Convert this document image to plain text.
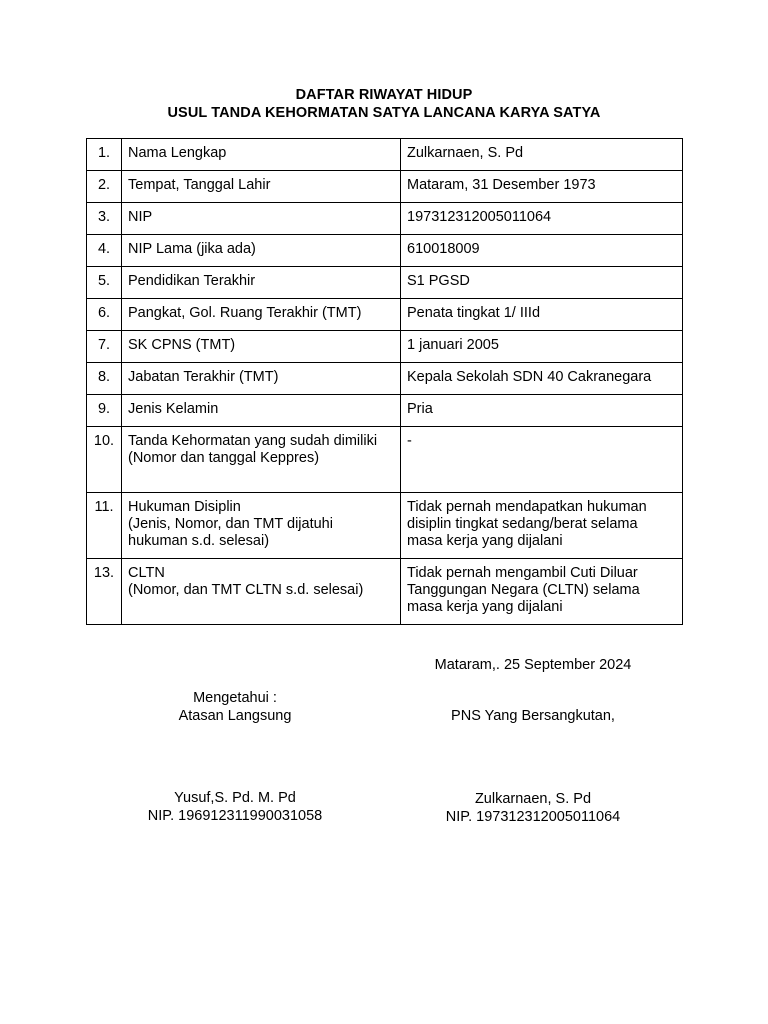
DAFTAR RIWAYAT HIDUP
USUL TANDA KEHORMATAN SATYA LANCANA KARYA SATYA
1.	Nama Lengkap	Zulkarnaen, S. Pd
2.	Tempat, Tanggal Lahir	Mataram, 31 Desember 1973
3.	NIP	197312312005011064
4.	NIP Lama (jika ada)	610018009
5.	Pendidikan Terakhir	S1 PGSD
6.	Pangkat, Gol. Ruang Terakhir (TMT)	Penata tingkat 1/ IIId
7.	SK CPNS (TMT)	1 januari 2005
8.	Jabatan Terakhir (TMT)	Kepala Sekolah SDN 40 Cakranegara
9.	Jenis Kelamin	Pria
10.	Tanda Kehormatan yang sudah dimiliki
(Nomor dan tanggal Keppres)	-
11.	Hukuman Disiplin
(Jenis, Nomor, dan TMT dijatuhi hukuman s.d. selesai)	Tidak pernah mendapatkan hukuman disiplin tingkat sedang/berat selama masa kerja yang dijalani
13.	CLTN
(Nomor, dan TMT CLTN s.d. selesai)	Tidak pernah mengambil Cuti Diluar Tanggungan Negara (CLTN) selama masa kerja yang dijalani
Mataram,. 25 September 2024
Mengetahui :
Atasan Langsung	PNS Yang Bersangkutan,
Yusuf,S. Pd. M. Pd
NIP. 196912311990031058
Zulkarnaen, S. Pd
NIP. 197312312005011064
